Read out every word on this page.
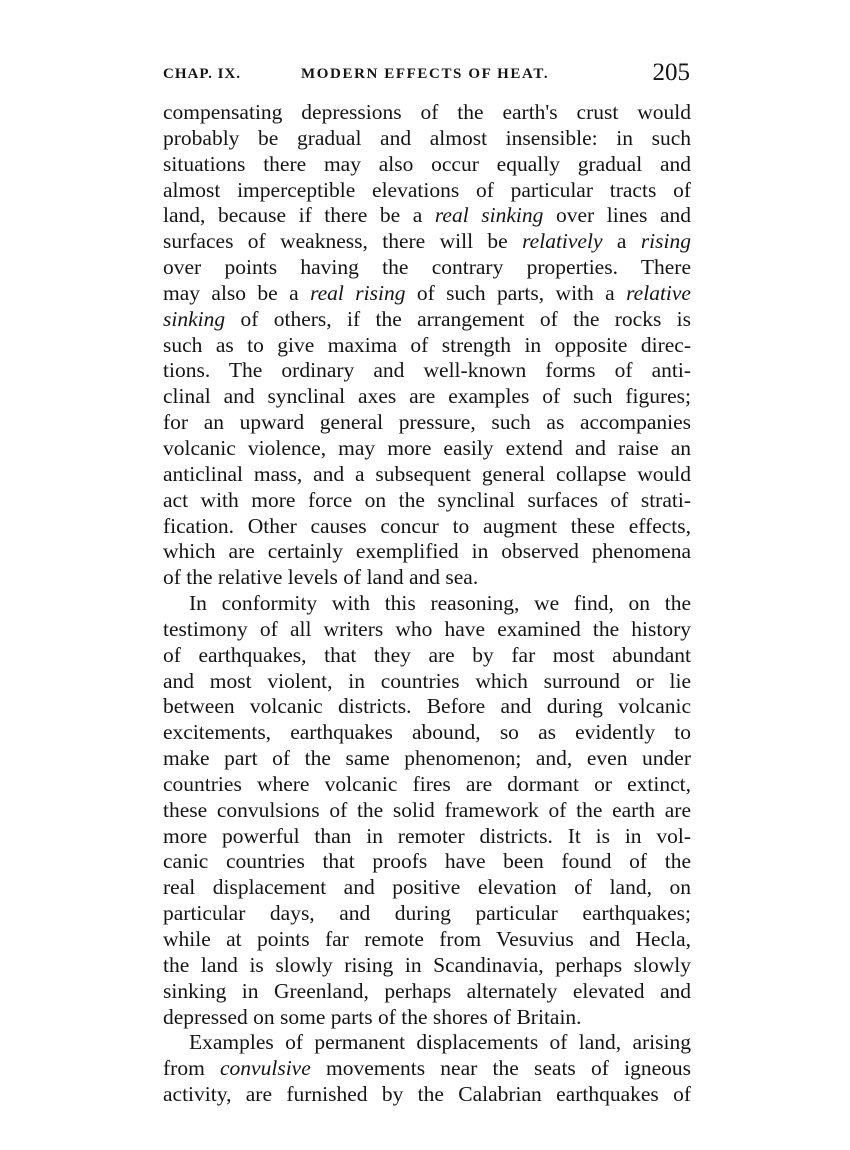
CHAP. IX.	MODERN EFFECTS OF HEAT.	205
compensating depressions of the earth's crust would
probably be gradual and almost insensible: in such
situations there may also occur equally gradual and
almost imperceptible elevations of particular tracts of
land, because if there be a real sinking over lines and
surfaces of weakness, there will be relatively a rising
over points having the contrary properties. There
may also be a real rising of such parts, with a relative
sinking of others, if the arrangement of the rocks is
such as to give maxima of strength in opposite direc-
tions. The ordinary and well-known forms of anti-
clinal and synclinal axes are examples of such figures;
for an upward general pressure, such as accompanies
volcanic violence, may more easily extend and raise an
anticlinal mass, and a subsequent general collapse would
act with more force on the synclinal surfaces of strati-
fication. Other causes concur to augment these effects,
which are certainly exemplified in observed phenomena
of the relative levels of land and sea.
In conformity with this reasoning, we find, on the
testimony of all writers who have examined the history
of earthquakes, that they are by far most abundant
and most violent, in countries which surround or lie
between volcanic districts. Before and during volcanic
excitements, earthquakes abound, so as evidently to
make part of the same phenomenon; and, even under
countries where volcanic fires are dormant or extinct,
these convulsions of the solid framework of the earth are
more powerful than in remoter districts. It is in vol-
canic countries that proofs have been found of the
real displacement and positive elevation of land, on
particular days, and during particular earthquakes;
while at points far remote from Vesuvius and Hecla,
the land is slowly rising in Scandinavia, perhaps slowly
sinking in Greenland, perhaps alternately elevated and
depressed on some parts of the shores of Britain.
Examples of permanent displacements of land, arising
from convulsive movements near the seats of igneous
activity, are furnished by the Calabrian earthquakes of
